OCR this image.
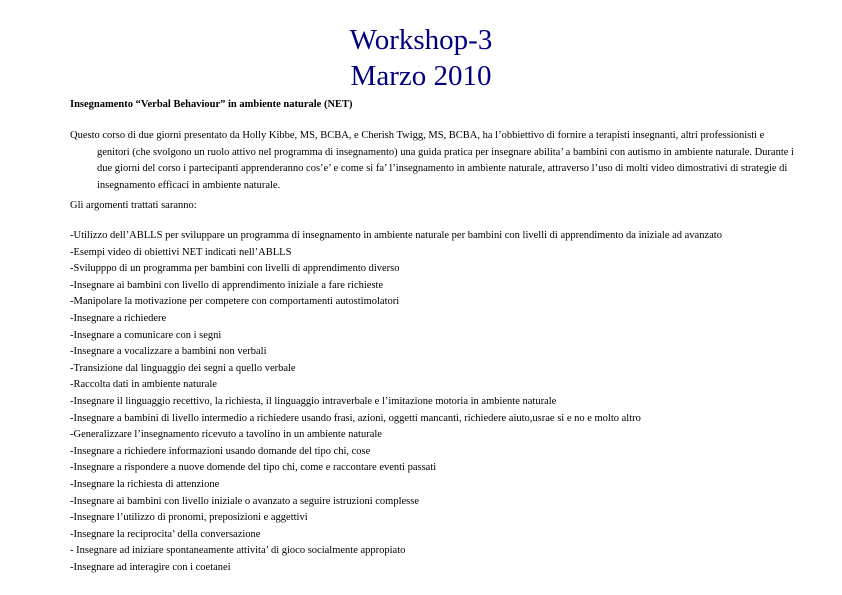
Workshop-3
Marzo 2010
Insegnamento “Verbal Behaviour” in ambiente naturale (NET)
Questo corso di due giorni presentato da Holly Kibbe, MS, BCBA, e Cherish Twigg, MS, BCBA, ha l’obbiettivo di fornire a terapisti insegnanti, altri professionisti e genitori (che svolgono un ruolo attivo nel programma di insegnamento) una guida pratica per insegnare abilita’ a bambini con autismo in ambiente naturale. Durante i due giorni del corso i partecipanti apprenderanno cos’e’ e come si fa’ l’insegnamento in ambiente naturale, attraverso l’uso di molti video dimostrativi di strategie di insegnamento efficaci in ambiente naturale.
Gli argomenti trattati saranno:
-Utilizzo dell’ABLLS per sviluppare un programma di insegnamento in ambiente naturale per bambini con livelli di apprendimento da iniziale ad avanzato
-Esempi video di obiettivi NET indicati nell’ABLLS
-Svilupppo di un programma per bambini con livelli di apprendimento diverso
-Insegnare ai bambini con livello di apprendimento iniziale a fare richieste
-Manipolare la motivazione per competere con comportamenti autostimolatori
-Insegnare a richiedere
-Insegnare a comunicare con i segni
-Insegnare a vocalizzare a bambini non verbali
-Transizione dal linguaggio dei segni a quello verbale
-Raccolta dati in ambiente naturale
-Insegnare il linguaggio recettivo, la richiesta, il linguaggio intraverbale e l’imitazione motoria in ambiente naturale
-Insegnare a bambini di livello intermedio a richiedere usando frasi, azioni, oggetti mancanti, richiedere aiuto,usrae si e no e molto altro
-Generalizzare l’insegnamento ricevuto a tavolino in un ambiente naturale
-Insegnare a richiedere informazioni usando domande del tipo chi, cose
-Insegnare a rispondere a nuove domende del tipo chi, come e raccontare eventi passati
-Insegnare la richiesta di attenzione
-Insegnare ai bambini con livello iniziale o avanzato a seguire istruzioni complesse
-Insegnare l’utilizzo di pronomi, preposizioni e aggettivi
-Insegnare la reciprocita’ della conversazione
- Insegnare ad iniziare spontaneamente attivita’ di gioco socialmente appropiato
-Insegnare ad interagire con i coetanei
